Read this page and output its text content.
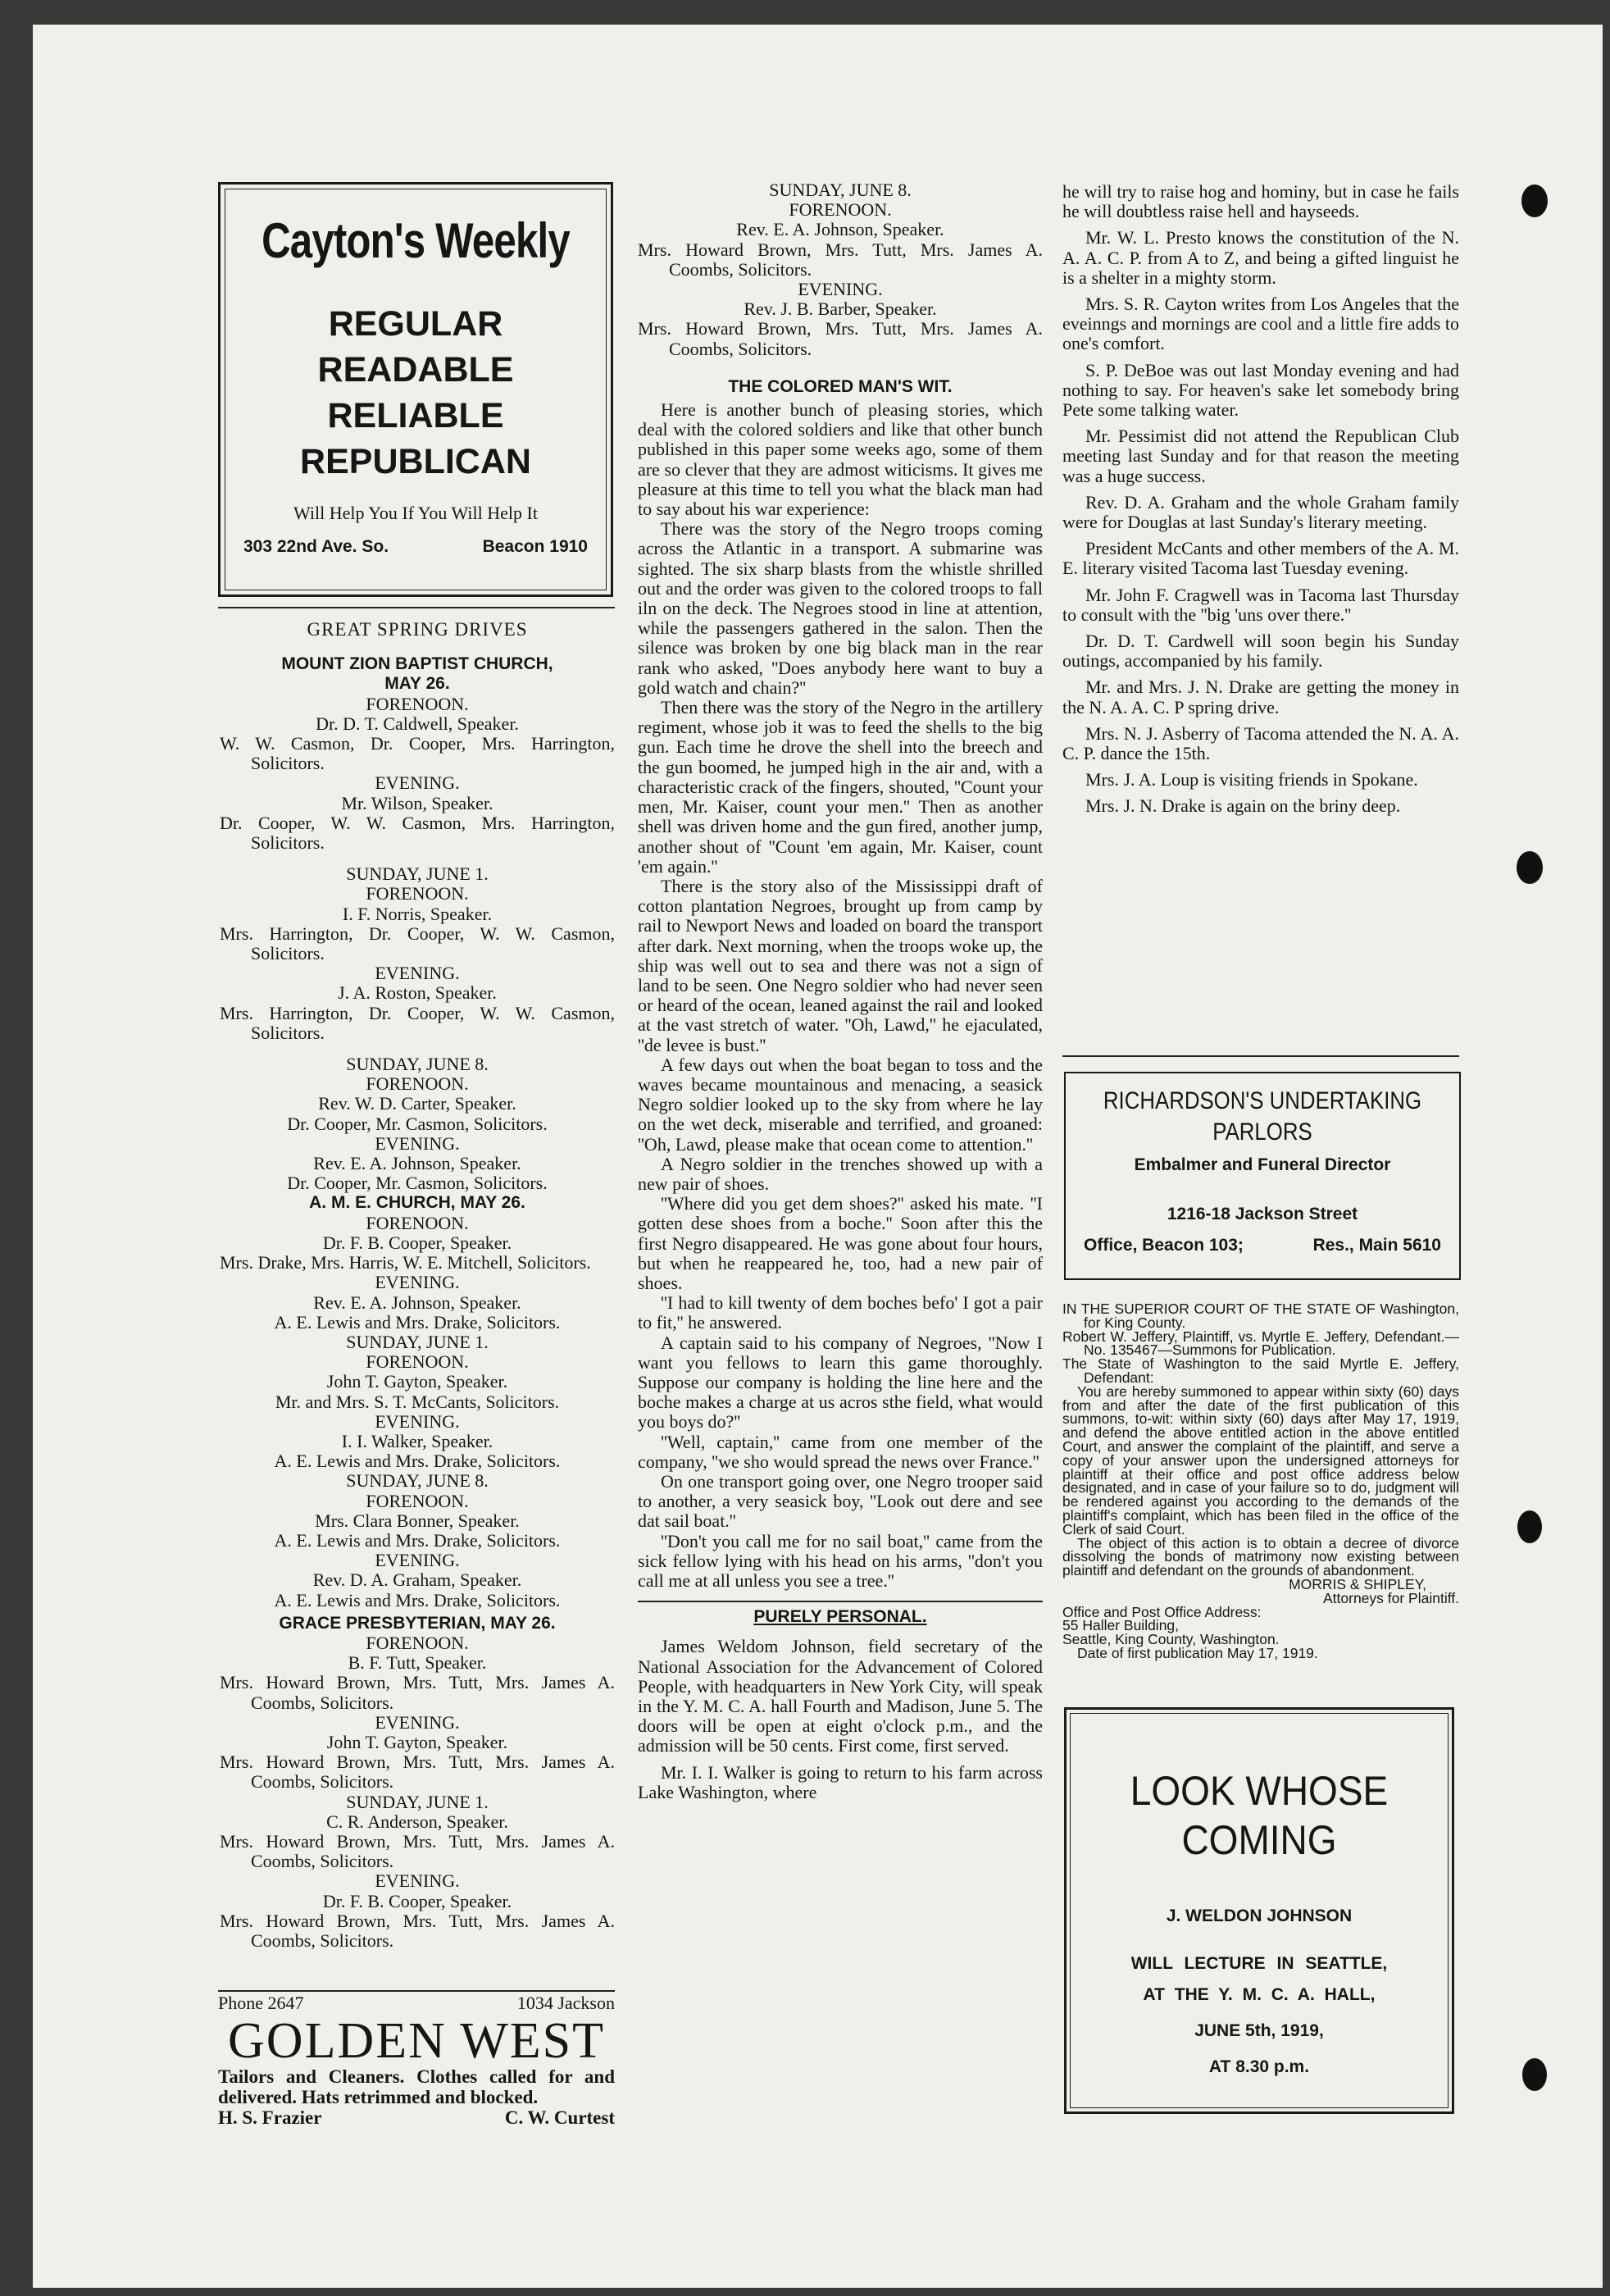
Cayton's Weekly
REGULAR
READABLE
RELIABLE
REPUBLICAN
Will Help You If You Will Help It
303 22nd Ave. So.	Beacon 1910
GREAT SPRING DRIVES
MOUNT ZION BAPTIST CHURCH,
MAY 26.
FORENOON.
Dr. D. T. Caldwell, Speaker.

W. W. Casmon, Dr. Cooper, Mrs. Harrington, Solicitors.

EVENING.
Mr. Wilson, Speaker.

Dr. Cooper, W. W. Casmon, Mrs. Harrington, Solicitors.

SUNDAY, JUNE 1.
FORENOON.
I. F. Norris, Speaker.

Mrs. Harrington, Dr. Cooper, W. W. Casmon, Solicitors.

EVENING.
J. A. Roston, Speaker.

Mrs. Harrington, Dr. Cooper, W. W. Casmon, Solicitors.

SUNDAY, JUNE 8.
FORENOON.
Rev. W. D. Carter, Speaker.
Dr. Cooper, Mr. Casmon, Solicitors.
EVENING.
Rev. E. A. Johnson, Speaker.
Dr. Cooper, Mr. Casmon, Solicitors.
A. M. E. CHURCH, MAY 26.
FORENOON.
Dr. F. B. Cooper, Speaker.

Mrs. Drake, Mrs. Harris, W. E. Mitchell, Solicitors.

EVENING.
Rev. E. A. Johnson, Speaker.
A. E. Lewis and Mrs. Drake, Solicitors.
SUNDAY, JUNE 1.
FORENOON.
John T. Gayton, Speaker.
Mr. and Mrs. S. T. McCants, Solicitors.
EVENING.
I. I. Walker, Speaker.
A. E. Lewis and Mrs. Drake, Solicitors.
SUNDAY, JUNE 8.
FORENOON.
Mrs. Clara Bonner, Speaker.
A. E. Lewis and Mrs. Drake, Solicitors.
EVENING.
Rev. D. A. Graham, Speaker.
A. E. Lewis and Mrs. Drake, Solicitors.
GRACE PRESBYTERIAN, MAY 26.
FORENOON.
B. F. Tutt, Speaker.

Mrs. Howard Brown, Mrs. Tutt, Mrs. James A. Coombs, Solicitors.

EVENING.
John T. Gayton, Speaker.

Mrs. Howard Brown, Mrs. Tutt, Mrs. James A. Coombs, Solicitors.

SUNDAY, JUNE 1.
C. R. Anderson, Speaker.

Mrs. Howard Brown, Mrs. Tutt, Mrs. James A. Coombs, Solicitors.

EVENING.
Dr. F. B. Cooper, Speaker.

Mrs. Howard Brown, Mrs. Tutt, Mrs. James A. Coombs, Solicitors.

Phone 2647	1034 Jackson
GOLDEN WEST

Tailors and Cleaners. Clothes called for and delivered. Hats retrimmed and blocked.

H. S. Frazier	C. W. Curtest
SUNDAY, JUNE 8.
FORENOON.
Rev. E. A. Johnson, Speaker.

Mrs. Howard Brown, Mrs. Tutt, Mrs. James A. Coombs, Solicitors.

EVENING.
Rev. J. B. Barber, Speaker.

Mrs. Howard Brown, Mrs. Tutt, Mrs. James A. Coombs, Solicitors.

THE COLORED MAN'S WIT.

Here is another bunch of pleasing stories, which deal with the colored soldiers and like that other bunch published in this paper some weeks ago, some of them are so clever that they are admost witicisms. It gives me pleasure at this time to tell you what the black man had to say about his war experience:

There was the story of the Negro troops coming across the Atlantic in a transport. A submarine was sighted. The six sharp blasts from the whistle shrilled out and the order was given to the colored troops to fall iln on the deck. The Negroes stood in line at attention, while the passengers gathered in the salon. Then the silence was broken by one big black man in the rear rank who asked, ''Does anybody here want to buy a gold watch and chain?''

Then there was the story of the Negro in the artillery regiment, whose job it was to feed the shells to the big gun. Each time he drove the shell into the breech and the gun boomed, he jumped high in the air and, with a characteristic crack of the fingers, shouted, ''Count your men, Mr. Kaiser, count your men.'' Then as another shell was driven home and the gun fired, another jump, another shout of ''Count 'em again, Mr. Kaiser, count 'em again.''

There is the story also of the Mississippi draft of cotton plantation Negroes, brought up from camp by rail to Newport News and loaded on board the transport after dark. Next morning, when the troops woke up, the ship was well out to sea and there was not a sign of land to be seen. One Negro soldier who had never seen or heard of the ocean, leaned against the rail and looked at the vast stretch of water. ''Oh, Lawd,'' he ejaculated, ''de levee is bust.''

A few days out when the boat began to toss and the waves became mountainous and menacing, a seasick Negro soldier looked up to the sky from where he lay on the wet deck, miserable and terrified, and groaned: ''Oh, Lawd, please make that ocean come to attention.''

A Negro soldier in the trenches showed up with a new pair of shoes.

''Where did you get dem shoes?'' asked his mate. ''I gotten dese shoes from a boche.'' Soon after this the first Negro disappeared. He was gone about four hours, but when he reappeared he, too, had a new pair of shoes.

''I had to kill twenty of dem boches befo' I got a pair to fit,'' he answered.

A captain said to his company of Negroes, ''Now I want you fellows to learn this game thoroughly. Suppose our company is holding the line here and the boche makes a charge at us acros sthe field, what would you boys do?''

''Well, captain,'' came from one member of the company, ''we sho would spread the news over France.''

On one transport going over, one Negro trooper said to another, a very seasick boy, ''Look out dere and see dat sail boat.''

''Don't you call me for no sail boat,'' came from the sick fellow lying with his head on his arms, ''don't you call me at all unless you see a tree.''

PURELY PERSONAL.

James Weldom Johnson, field secretary of the National Association for the Advancement of Colored People, with headquarters in New York City, will speak in the Y. M. C. A. hall Fourth and Madison, June 5. The doors will be open at eight o'clock p.m., and the admission will be 50 cents. First come, first served.

Mr. I. I. Walker is going to return to his farm across Lake Washington, where

he will try to raise hog and hominy, but in case he fails he will doubtless raise hell and hayseeds.

Mr. W. L. Presto knows the constitution of the N. A. A. C. P. from A to Z, and being a gifted linguist he is a shelter in a mighty storm.

Mrs. S. R. Cayton writes from Los Angeles that the eveinngs and mornings are cool and a little fire adds to one's comfort.

S. P. DeBoe was out last Monday evening and had nothing to say. For heaven's sake let somebody bring Pete some talking water.

Mr. Pessimist did not attend the Republican Club meeting last Sunday and for that reason the meeting was a huge success.

Rev. D. A. Graham and the whole Graham family were for Douglas at last Sunday's literary meeting.

President McCants and other members of the A. M. E. literary visited Tacoma last Tuesday evening.

Mr. John F. Cragwell was in Tacoma last Thursday to consult with the ''big 'uns over there.''

Dr. D. T. Cardwell will soon begin his Sunday outings, accompanied by his family.

Mr. and Mrs. J. N. Drake are getting the money in the N. A. A. C. P spring drive.

Mrs. N. J. Asberry of Tacoma attended the N. A. A. C. P. dance the 15th.

Mrs. J. A. Loup is visiting friends in Spokane.

Mrs. J. N. Drake is again on the briny deep.

RICHARDSON'S UNDERTAKING
PARLORS
Embalmer and Funeral Director
1216-18 Jackson Street
Office, Beacon 103;	Res., Main 5610

IN THE SUPERIOR COURT OF THE STATE OF Washington, for King County.

Robert W. Jeffery, Plaintiff, vs. Myrtle E. Jeffery, Defendant.—No. 135467—Summons for Publication.

The State of Washington to the said Myrtle E. Jeffery, Defendant:

You are hereby summoned to appear within sixty (60) days from and after the date of the first publication of this summons, to-wit: within sixty (60) days after May 17, 1919, and defend the above entitled action in the above entitled Court, and answer the complaint of the plaintiff, and serve a copy of your answer upon the undersigned attorneys for plaintiff at their office and post office address below designated, and in case of your failure so to do, judgment will be rendered against you according to the demands of the plaintiff's complaint, which has been filed in the office of the Clerk of said Court.

The object of this action is to obtain a decree of divorce dissolving the bonds of matrimony now existing between plaintiff and defendant on the grounds of abandonment.

MORRIS & SHIPLEY,
Attorneys for Plaintiff.
Office and Post Office Address:
55 Haller Building,
Seattle, King County, Washington.
Date of first publication May 17, 1919.
LOOK WHOSE
COMING
J. WELDON JOHNSON
WILL LECTURE IN SEATTLE,
AT THE Y. M. C. A. HALL,
JUNE 5th, 1919,
AT 8.30 p.m.
